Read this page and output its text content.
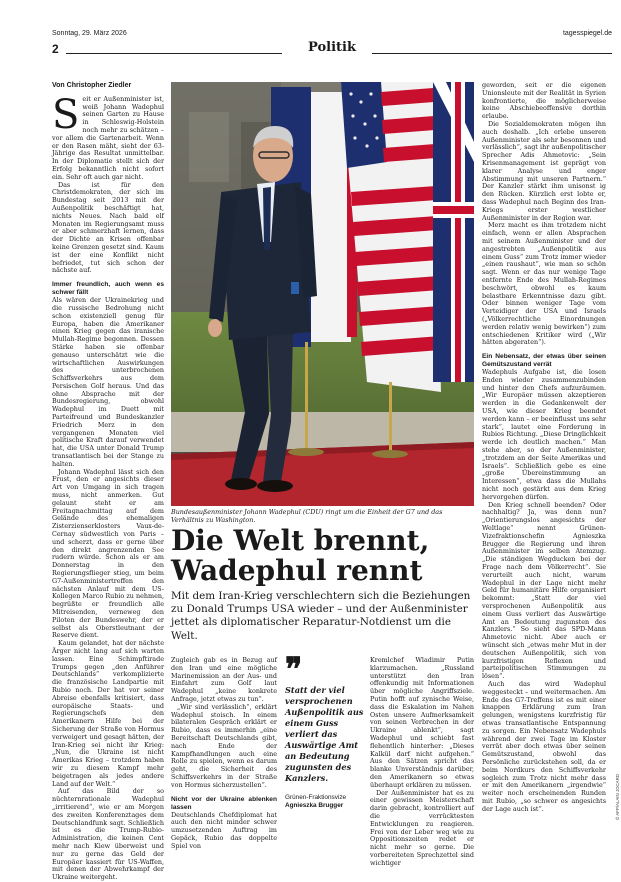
Sonntag, 29. März 2026	tagesspiegel.de
2	Politik
Von Christopher Ziedler

Seit er Außenminister ist, weiß Johann Wadephul seinen Garten zu Hause in Schleswig-Holstein noch mehr zu schätzen – vor allem die Gartenarbeit. Wenn er den Rasen mäht, sieht der 63-Jährige das Resultat unmittelbar. In der Diplomatie stellt sich der Erfolg bekanntlich nicht sofort ein. Sehr oft auch gar nicht.

Das ist für den Christdemokraten, der sich im Bundestag seit 2013 mit der Außenpolitik beschäftigt hat, nichts Neues. Nach bald elf Monaten im Regierungsamt muss er aber schmerzhaft lernen, dass der Dichte an Krisen offenbar keine Grenzen gesetzt sind. Kaum ist der eine Konflikt nicht befriedet, tut sich schon der nächste auf.

Immer freundlich, auch wenn es schwer fällt

Als wären der Ukrainekrieg und die russische Bedrohung nicht schon existenziell genug für Europa, haben die Amerikaner einen Krieg gegen das iranische Mullah-Regime begonnen. Dessen Stärke haben sie offenbar genauso unterschätzt wie die wirtschaftlichen Auswirkungen des unterbrochenen Schiffsverkehrs aus dem Persischen Golf heraus. Und das ohne Absprache mit der Bundesregierung, obwohl Wadephul im Duett mit Parteifreund und Bundeskanzler Friedrich Merz in den vergangenen Monaten viel politische Kraft darauf verwendet hat, die USA unter Donald Trump transatlantisch bei der Stange zu halten.

Johann Wadephul lässt sich den Frust, den er angesichts dieser Art von Umgang in sich tragen muss, nicht anmerken. Gut gelaunt steht er am Freitagnachmittag auf dem Gelände des ehemaligen Zisterzienserklosters Vaux-de-Cernay südwestlich von Paris – und scherzt, dass er gerne über den direkt angrenzenden See rudern würde. Schon als er am Donnerstag in den Regierungsflieger stieg, um beim G7-Außenministertreffen den nächsten Anlauf mit dem US-Kollegen Marco Rubio zu nehmen, begrüßte er freundlich alle Mitreisenden, verneweg den Piloten der Bundeswehr, der er selbst als Oberstleutnant der Reserve dient.

Kaum gelandet, hat der nächste Ärger nicht lang auf sich warten lassen. Eine Schimpftirade Trumps gegen „den Anführer Deutschlands“ verkomplizierte die französische Landpartie mit Rubio noch. Der hat vor seiner Abreise ebenfalls kritisiert, dass europäische Staats- und Regierungschefs den Amerikanern Hilfe bei der Sicherung der Straße von Hormus verweigert und gesagt hätten, der Iran-Krieg sei nicht ihr Krieg: „Nun, die Ukraine ist nicht Amerikas Krieg – trotzdem haben wir zu diesem Kampf mehr beigetragen als jedes andere Land auf der Welt.“

Auf das Bild der so nüchternrationale Wadephul „irritierend“, wie er am Morgen des zweiten Konferenztages dem Deutschlandfunk sagt. Schließlich ist es die Trump-Rubio-Administration, die keinen Cent mehr nach Kiew überweist und nur zu gerne das Geld der Europäer kassiert für US-Waffen, mit denen der Abwehrkampf der Ukraine weitergeht.

Bundesaußenminister Johann Wadephul (CDU) ringt um die Einheit der G7 und das Verhältnis zu Washington.
Die Welt brennt, Wadephul rennt

Mit dem Iran-Krieg verschlechtern sich die Beziehungen zu Donald Trumps USA wieder – und der Außenminister jettet als diplomatischer Reparatur-Notdienst um die Welt.

Zugleich gab es in Bezug auf den Iran und eine mögliche Marinemission an der Aus- und Einfahrt zum Golf laut Wadephul „keine konkrete Anfrage, jetzt etwas zu tun“.

„Wir sind verlässlich“, erklärt Wadephul stoisch. In einem bilateralen Gespräch erklärt er Rubio, dass es immerhin „eine Bereitschaft Deutschlands gibt, nach Ende der Kampfhandlungen auch eine Rolle zu spielen, wenn es darum geht, die Sicherheit des Schiffsverkehrs in der Straße von Hormus sicherzustellen“.

Nicht vor der Ukraine ablenken lassen

Deutschlands Chefdiplomat hat auch den nicht minder schwer umzusetzenden Auftrag im Gepäck, Rubio das doppelte Spiel von

❞
Statt der viel versprochenen Außenpolitik aus einem Guss verliert das Auswärtige Amt an Bedeutung zugunsten des Kanzlers.
Grünen-Fraktionsvize
Agnieszka Brugger

Kremlchef Wladimir Putin klarzumachen. „Russland unterstützt den Iran offenkundig mit Informationen über mögliche Angriffsziele. Putin hofft auf zynische Weise, dass die Eskalation im Nahen Osten unsere Aufmerksamkeit von seinen Verbrechen in der Ukraine ablenkt“, sagt Wadephul und schiebt fast flehentlich hinterher: „Dieses Kalkül darf nicht aufgehen.“ Aus den Sätzen spricht das blanke Unverständnis darüber, den Amerikanern so etwas überhaupt erklären zu müssen.

Der Außenminister hat es zu einer gewissen Meisterschaft darin gebracht, kontrolliert auf die verrücktesten Entwicklungen zu reagieren. Frei von der Leber weg wie zu Oppositionszeiten redet er nicht mehr so gerne. Die vorbereiteten Sprechzettel sind wichtiger

geworden, seit er die eigenen Unionsleute mit der Realität in Syrien konfrontierte, die möglicherweise keine Abschiebeoffensive dorthin erlaube.

Die Sozialdemokraten mögen ihn auch deshalb. „Ich erlebe unseren Außenminister als sehr besonnen und verlässlich“, sagt ihr außenpolitischer Sprecher Adis Ahmetovic: „Sein Krisenmanagement ist geprägt von klarer Analyse und enger Abstimmung mit unseren Partnern.“ Der Kanzler stärkt ihm unisonst ig den Rücken. Kürzlich erst lobte er, dass Wadephul nach Beginn des Iran-Kriegs erster westlicher Außenminister in der Region war.

Merz macht es ihm trotzdem nicht einfach, wenn er allen Absprachen mit seinem Außenminister und der angestrebten „Außenpolitik aus einem Guss“ zum Trotz immer wieder „einen raushaut“, wie man so schön sagt. Wenn er das nur wenige Tage entfernte Ende des Mullah-Regimes beschwört, obwohl es kaum belastbare Erkenntnisse dazu gibt. Oder binnen weniger Tage vom Verteidiger der USA und Israels („Völkerrechtliche Einordnungen werden relativ wenig bewirken“) zum entschiedenen Kritiker wird („Wir hätten abgeraten“).

Ein Nebensatz, der etwas über seinen Gemütszustand verrät

Wadephuls Aufgabe ist, die losen Enden wieder zusammenzubinden und hinter den Chefs aufzuräumen. „Wir Europäer müssen akzeptieren werden in die Gedankenwelt der USA, wie dieser Krieg beendet werden kann – er beeinflusst uns sehr stark“, lautet eine Forderung in Rubios Richtung. „Diese Dringlichkeit werde ich deutlich machen.“ Man stehe aber, so der Außenminister, „trotzdem an der Seite Amerikas und Israels“. Schließlich gebe es eine „große Übereinstimmung an Interessen“, etwa dass die Mullahs nicht noch gestärkt aus dem Krieg hervorgehen dürfen.

Den Krieg schnell beenden? Oder nachhaltig? Ja, was denn nun? „Orientierungslos angesichts der Weltlage“ nennt Grünen-Vizefraktionschefin Agnieszka Brugger die Regierung und ihren Außenminister im selben Atemzug. „Die ständigen Wegducken bei der Frage nach dem Völkerrecht“. Sie verurteilt auch nicht, warum Wadephul in der Lage nicht mehr Geld für humanitäre Hilfe organisiert bekommt: „Statt der viel versprochenen Außenpolitik aus einem Guss verliert das Auswärtige Amt an Bedeutung zugunsten des Kanzlers.“ So sieht das SPD-Mann Ahmetovic nicht. Aber auch er wünscht sich „etwas mehr Mut in der deutschen Außenpolitik, sich von kurzfristigen Reflexen und parteipolitischen Stimmungen zu lösen“.

Auch das wird Wadephul weggesteckt – und weitermachen. Am Ende des G7-Treffens ist es mit einer knappen Erklärung zum Iran gelungen, wenigstens kurzfristig für etwas transatlantische Entspannung zu sorgen. Ein Nebensatz Wadephuls während der zwei Tage im Kloster verrät aber doch etwas über seinen Gemütszustand, obwohl das Persönliche zurückstehen soll, da er beim Nordkurs den Schiffsverkehr sogleich zum Trotz nicht mehr dass er mit den Amerikanern „irgendwie“ weiter noch erscheinenden Runden mit Rubio, „so schwer es angesichts der Lage auch ist“.	© AFP/ALAIN JOCARD
